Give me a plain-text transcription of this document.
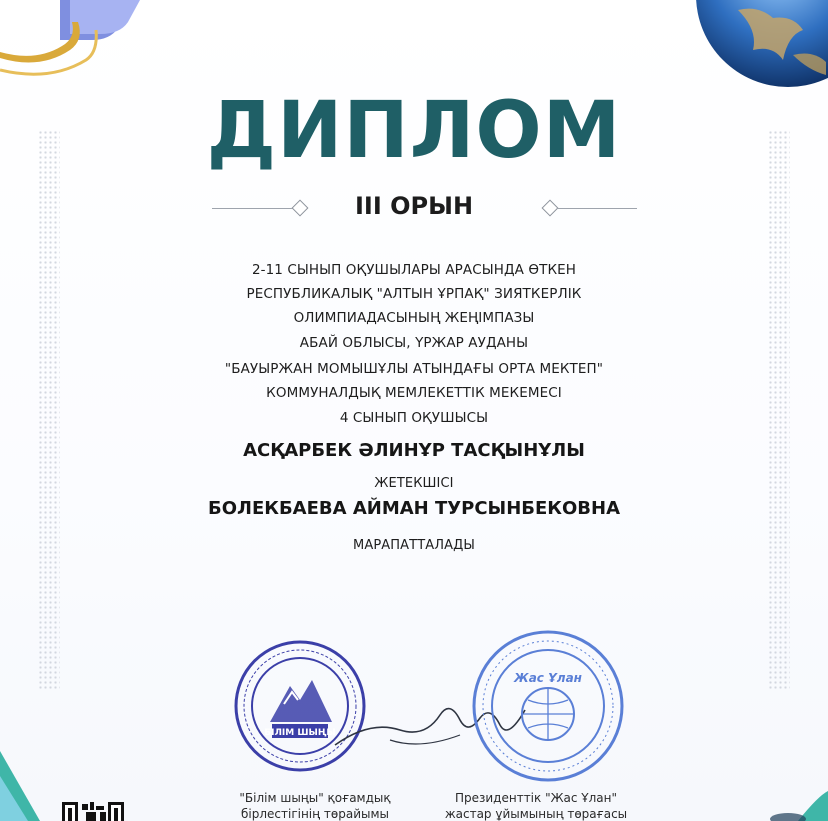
ДИПЛОМ
III ОРЫН
2-11 СЫНЫП ОҚУШЫЛАРЫ АРАСЫНДА ӨТКЕН
РЕСПУБЛИКАЛЫҚ "АЛТЫН ҰРПАҚ" ЗИЯТКЕРЛІК
ОЛИМПИАДАСЫНЫҢ ЖЕҢІМПАЗЫ
АБАЙ ОБЛЫСЫ, ҮРЖАР АУДАНЫ
"БАУЫРЖАН МОМЫШҰЛЫ АТЫНДАҒЫ ОРТА МЕКТЕП"
КОММУНАЛДЫҚ МЕМЛЕКЕТТІК МЕКЕМЕСІ
4 СЫНЫП ОҚУШЫСЫ
АСҚАРБЕК ӘЛИНҰР ТАСҚЫНҰЛЫ
ЖЕТЕКШІСІ
БОЛЕКБАЕВА АЙМАН ТУРСЫНБЕКОВНА
МАРАПАТТАЛАДЫ
БІЛІМ ШЫҢЫ
Жас Ұлан
"Білім шыңы" қоғамдық
бірлестігінің төрайымы
Президенттік "Жас Ұлан"
жастар ұйымының төрағасы
